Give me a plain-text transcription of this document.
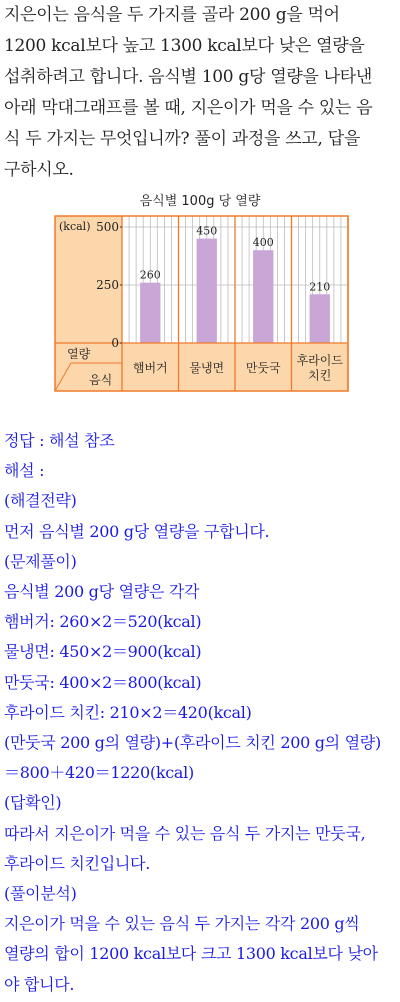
지은이는 음식을 두 가지를 골라 200 g을 먹어

1200 kcal보다 높고 1300 kcal보다 낮은 열량을

섭취하려고 합니다. 음식별 100 g당 열량을 나타낸

아래 막대그래프를 볼 때, 지은이가 먹을 수 있는 음

식 두 가지는 무엇입니까? 풀이 과정을 쓰고, 답을

구하시오.

음식별 100g 당 열량
260
450
400
210
0
250
500
(kcal)
열량
음식
햄버거 물냉면 만둣국
후라이드
치킨

정답 : 해설 참조

해설 :

(해결전략)

먼저 음식별 200 g당 열량을 구합니다.

(문제풀이)

음식별 200 g당 열량은 각각

햄버거: 260×2＝520(kcal)

물냉면: 450×2＝900(kcal)

만둣국: 400×2＝800(kcal)

후라이드 치킨: 210×2＝420(kcal)

(만둣국 200 g의 열량)+(후라이드 치킨 200 g의 열량)

＝800＋420＝1220(kcal)

(답확인)

따라서 지은이가 먹을 수 있는 음식 두 가지는 만둣국,

후라이드 치킨입니다.

(풀이분석)

지은이가 먹을 수 있는 음식 두 가지는 각각 200 g씩

열량의 합이 1200 kcal보다 크고 1300 kcal보다 낮아

야 합니다.
